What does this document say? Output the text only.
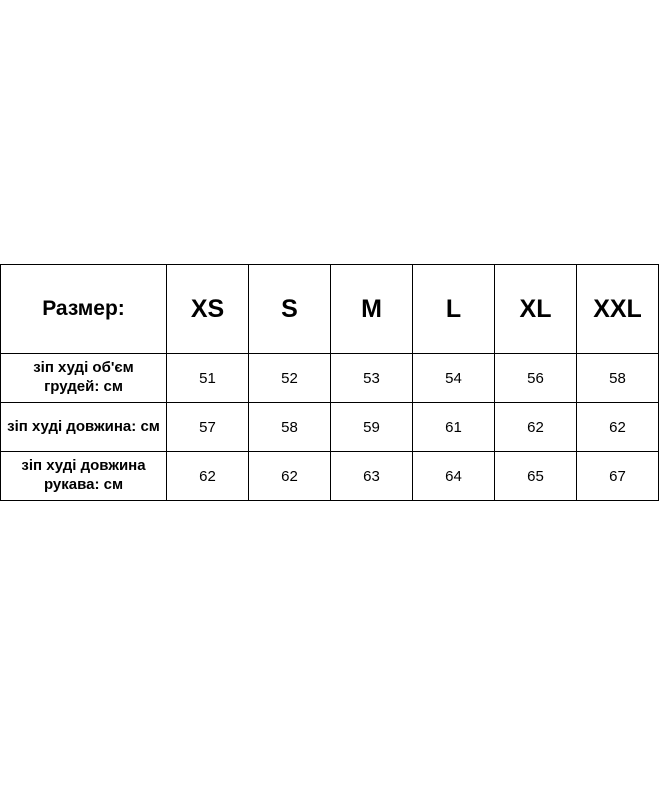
Размер:	XS	S	M	L	XL	XXL
зіп худі об'єм грудей: см	51	52	53	54	56	58
зіп худі довжина: см	57	58	59	61	62	62
зіп худі довжина рукава: см	62	62	63	64	65	67
